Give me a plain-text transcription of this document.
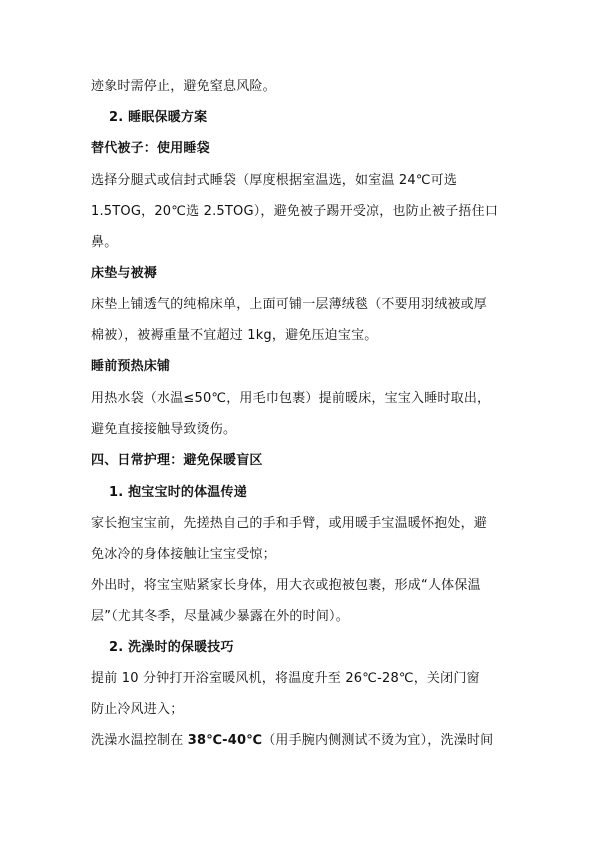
迹象时需停止，避免窒息风险。

2. 睡眠保暖方案

替代被子：使用睡袋

选择分腿式或信封式睡袋（厚度根据室温选，如室温 24℃可选

1.5TOG，20℃选 2.5TOG），避免被子踢开受凉，也防止被子捂住口

鼻。

床垫与被褥

床垫上铺透气的纯棉床单，上面可铺一层薄绒毯（不要用羽绒被或厚

棉被），被褥重量不宜超过 1kg，避免压迫宝宝。

睡前预热床铺

用热水袋（水温≤50℃，用毛巾包裹）提前暖床，宝宝入睡时取出，

避免直接接触导致烫伤。

四、日常护理：避免保暖盲区

1. 抱宝宝时的体温传递

家长抱宝宝前，先搓热自己的手和手臂，或用暖手宝温暖怀抱处，避

免冰冷的身体接触让宝宝受惊；

外出时，将宝宝贴紧家长身体，用大衣或抱被包裹，形成“人体保温

层”（尤其冬季，尽量减少暴露在外的时间）。

2. 洗澡时的保暖技巧

提前 10 分钟打开浴室暖风机，将温度升至 26℃-28℃，关闭门窗

防止冷风进入；

洗澡水温控制在 38℃-40℃（用手腕内侧测试不烫为宜），洗澡时间
